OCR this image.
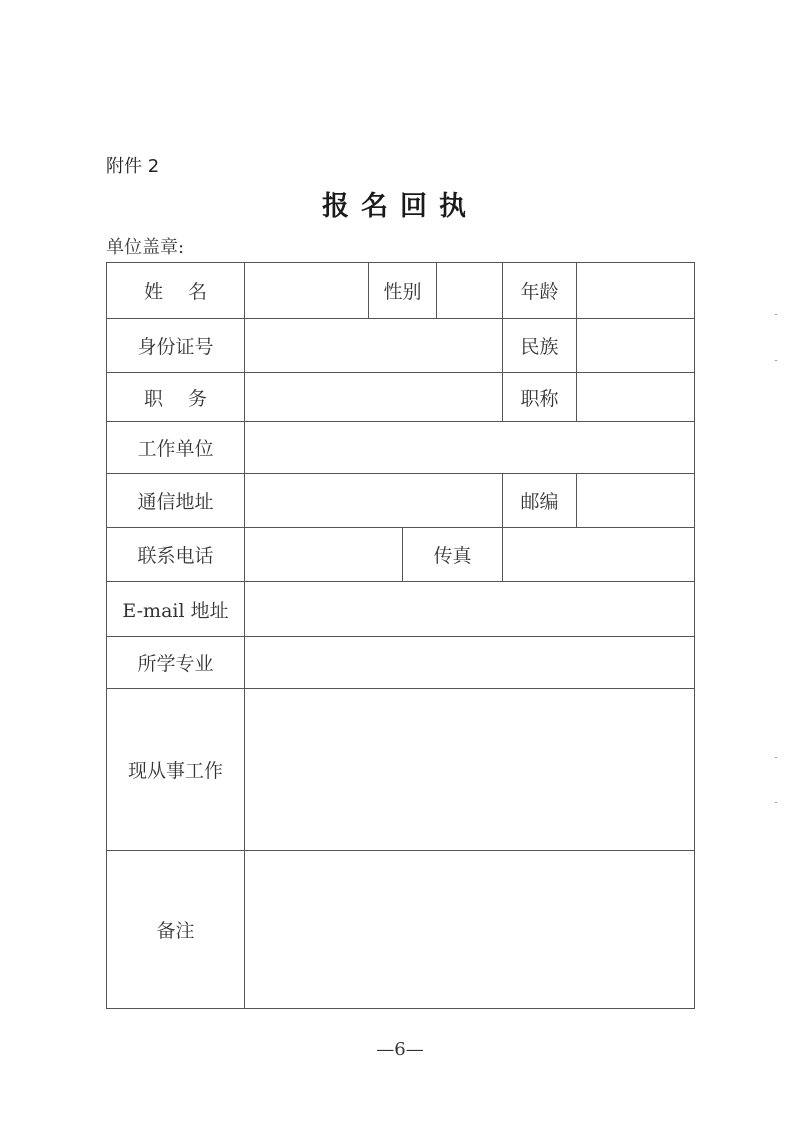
附件 2
报名回执
单位盖章:
姓　 名	性别	年龄
身份证号	民族
职　 务	职称
工作单位
通信地址	邮编
联系电话	传真
E-mail 地址
所学专业
现从事工作
备注
—6—
